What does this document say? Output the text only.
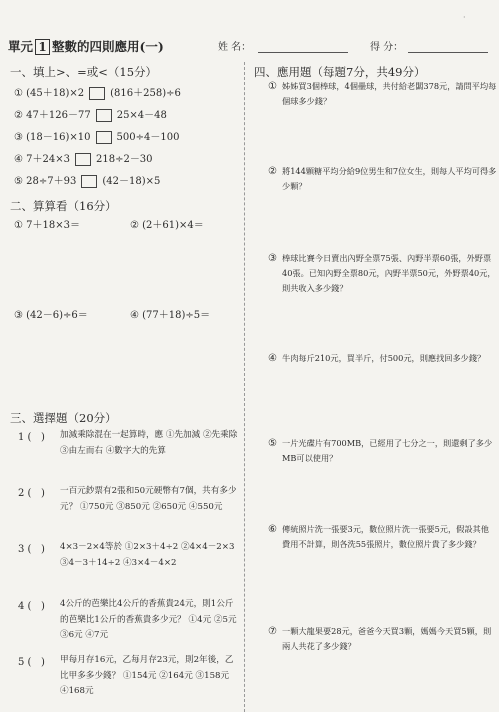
單元 1 整數的四則應用(一)	姓 名：	得 分：
·
一、填上>、=或<（15分）
① (45＋18)×2	(816＋258)÷6
② 47＋126－77	25×4－48
③ (18－16)×10	500÷4－100
④ 7＋24×3	218÷2－30
⑤ 28÷7＋93	(42－18)×5
二、算算看（16分）
① 7＋18×3＝	② (2＋61)×4＝
③ (42－6)÷6＝	④ (77＋18)÷5＝
三、選擇題（20分）
1 ( ) 加減乘除混在一起算時，應 ①先加減 ②先乘除 ③由左而右 ④數字大的先算
2 ( ) 一百元鈔票有2張和50元硬幣有7個，共有多少元？ ①750元 ③850元 ②650元 ④550元
3 ( ) 4×3－2×4等於 ①2×3＋4÷2 ②4×4－2×3 ③4－3＋14÷2 ④3×4－4×2
4 ( ) 4公斤的芭樂比4公斤的香蕉貴24元，則1公斤的芭樂比1公斤的香蕉貴多少元？ ①4元 ②5元 ③6元 ④7元
5 ( ) 甲每月存16元，乙每月存23元，則2年後，乙比甲多多少錢？ ①154元 ②164元 ③158元 ④168元
四、應用題（每題7分，共49分）
① 姊姊買3個棒球，4個壘球，共付給老闆378元，請問平均每個球多少錢？
② 將144顆糖平均分給9位男生和7位女生，則每人平均可得多少顆？
③ 棒球比賽今日賣出內野全票75張、內野半票60張，外野票40張。已知內野全票80元，內野半票50元，外野票40元，則共收入多少錢？
④ 牛肉每斤210元，買半斤，付500元，則應找回多少錢？
⑤ 一片光碟片有700MB，已經用了七分之一，則還剩了多少MB可以使用？
⑥ 傳統照片洗一張要3元，數位照片洗一張要5元，假設其他費用不計算，則各洗55張照片，數位照片貴了多少錢？
⑦ 一顆大龍果要28元，爸爸今天買3顆，媽媽今天買5顆，則兩人共花了多少錢？
